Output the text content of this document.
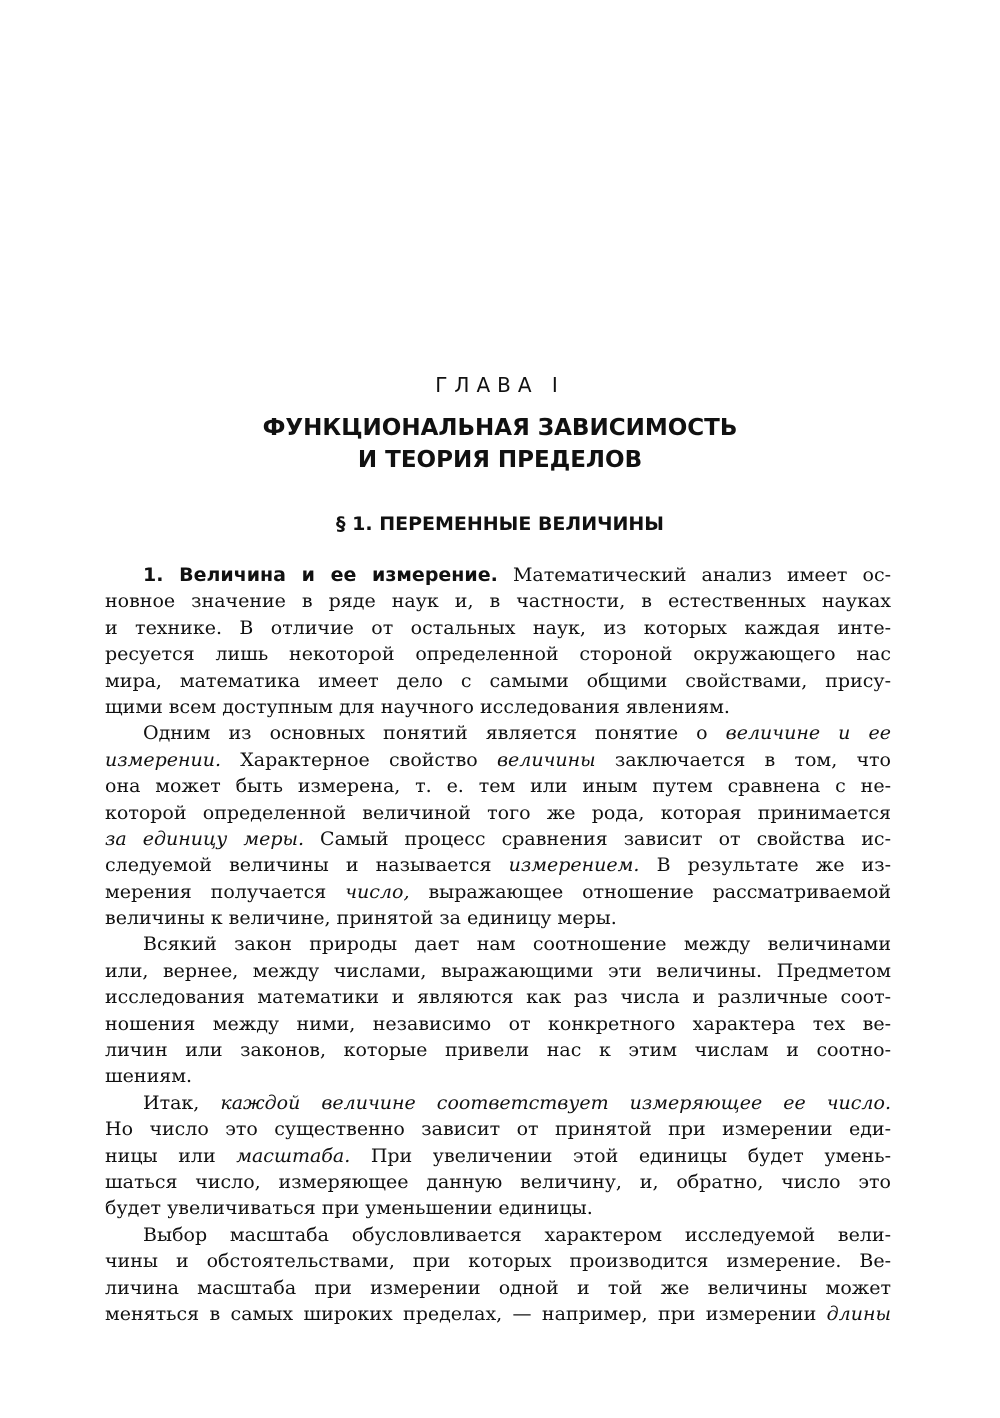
ГЛАВА I
ФУНКЦИОНАЛЬНАЯ ЗАВИСИМОСТЬ
И ТЕОРИЯ ПРЕДЕЛОВ
§ 1. ПЕРЕМЕННЫЕ ВЕЛИЧИНЫ
1. Величина и ее измерение. Математический анализ имеет ос-
новное значение в ряде наук и, в частности, в естественных науках
и технике. В отличие от остальных наук, из которых каждая инте-
ресуется лишь некоторой определенной стороной окружающего нас
мира, математика имеет дело с самыми общими свойствами, прису-
щими всем доступным для научного исследования явлениям.
Одним из основных понятий является понятие о величине и ее
измерении. Характерное свойство величины заключается в том, что
она может быть измерена, т. е. тем или иным путем сравнена с не-
которой определенной величиной того же рода, которая принимается
за единицу меры. Самый процесс сравнения зависит от свойства ис-
следуемой величины и называется измерением. В результате же из-
мерения получается число, выражающее отношение рассматриваемой
величины к величине, принятой за единицу меры.
Всякий закон природы дает нам соотношение между величинами
или, вернее, между числами, выражающими эти величины. Предметом
исследования математики и являются как раз числа и различные соот-
ношения между ними, независимо от конкретного характера тех ве-
личин или законов, которые привели нас к этим числам и соотно-
шениям.
Итак, каждой величине соответствует измеряющее ее число.
Но число это существенно зависит от принятой при измерении еди-
ницы или масштаба. При увеличении этой единицы будет умень-
шаться число, измеряющее данную величину, и, обратно, число это
будет увеличиваться при уменьшении единицы.
Выбор масштаба обусловливается характером исследуемой вели-
чины и обстоятельствами, при которых производится измерение. Ве-
личина масштаба при измерении одной и той же величины может
меняться в самых широких пределах, — например, при измерении длины
